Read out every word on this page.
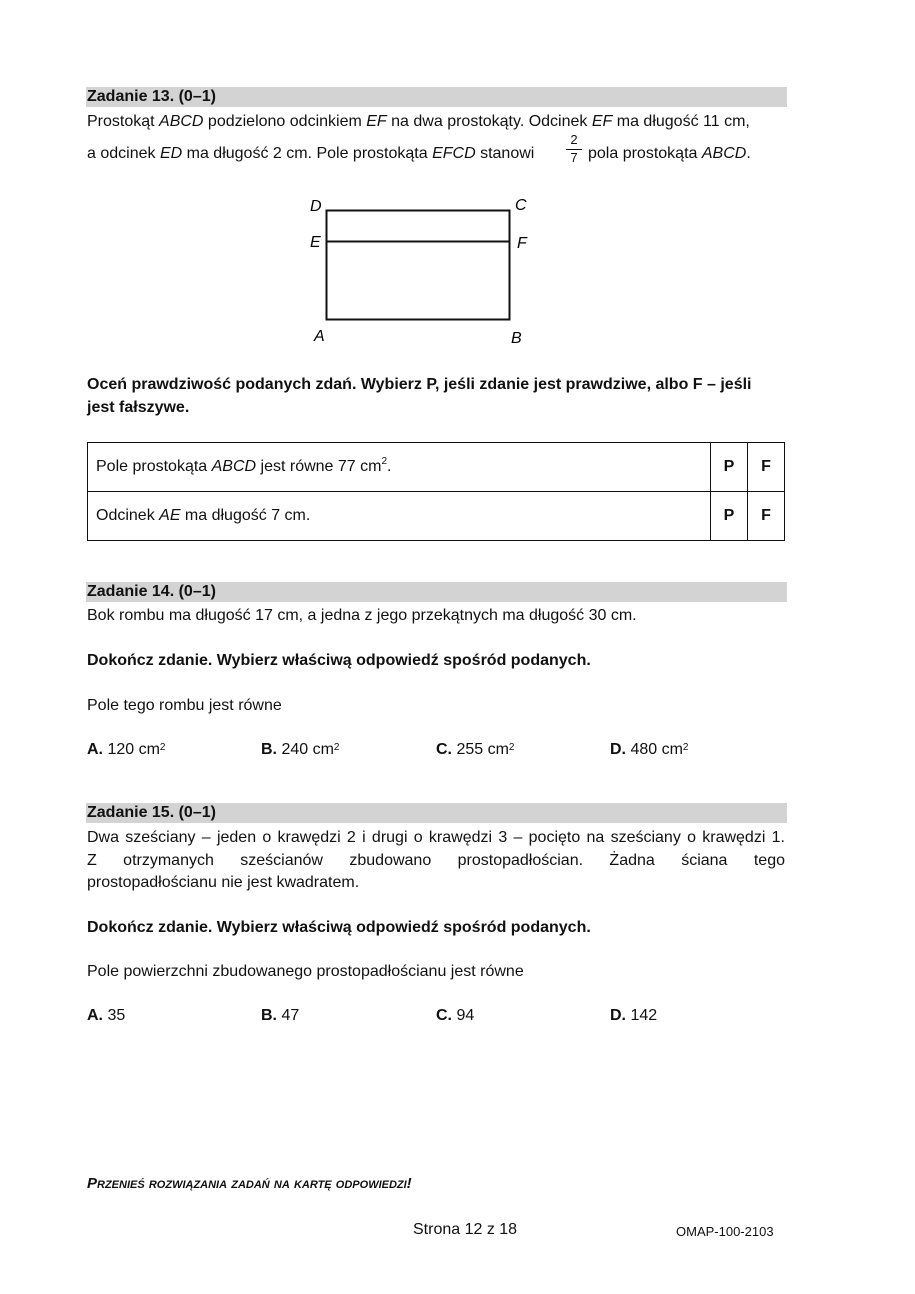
Zadanie 13. (0–1)
Prostokąt ABCD podzielono odcinkiem EF na dwa prostokąty. Odcinek EF ma długość 11 cm,
a odcinek ED ma długość 2 cm. Pole prostokąta EFCD stanowi
2
7 pola prostokąta ABCD.
D	C
E	F
A	B
Oceń prawdziwość podanych zdań. Wybierz P, jeśli zdanie jest prawdziwe, albo F – jeśli
jest fałszywe.
Pole prostokąta ABCD jest równe 77 $cm^2$.	P	F
Odcinek AE ma długość 7 cm.	P	F
Zadanie 14. (0–1)
Bok rombu ma długość 17 cm, a jedna z jego przekątnych ma długość 30 cm.
Dokończ zdanie. Wybierz właściwą odpowiedź spośród podanych.
Pole tego rombu jest równe
A. 120 $cm^2$	B. 240 $cm^2$	C. 255 $cm^2$	D. 480 $cm^2$
Zadanie 15. (0–1)
Dwa sześciany – jeden o krawędzi 2 i drugi o krawędzi 3 – pocięto na sześciany o krawędzi 1.
Z otrzymanych sześcianów zbudowano prostopadłościan. Żadna ściana tego
prostopadłościanu nie jest kwadratem.
Dokończ zdanie. Wybierz właściwą odpowiedź spośród podanych.
Pole powierzchni zbudowanego prostopadłościanu jest równe
A. 35	B. 47	C. 94	D. 142
Przenieś rozwiązania zadań na kartę odpowiedzi!
Strona 12 z 18	OMAP-100-2103
